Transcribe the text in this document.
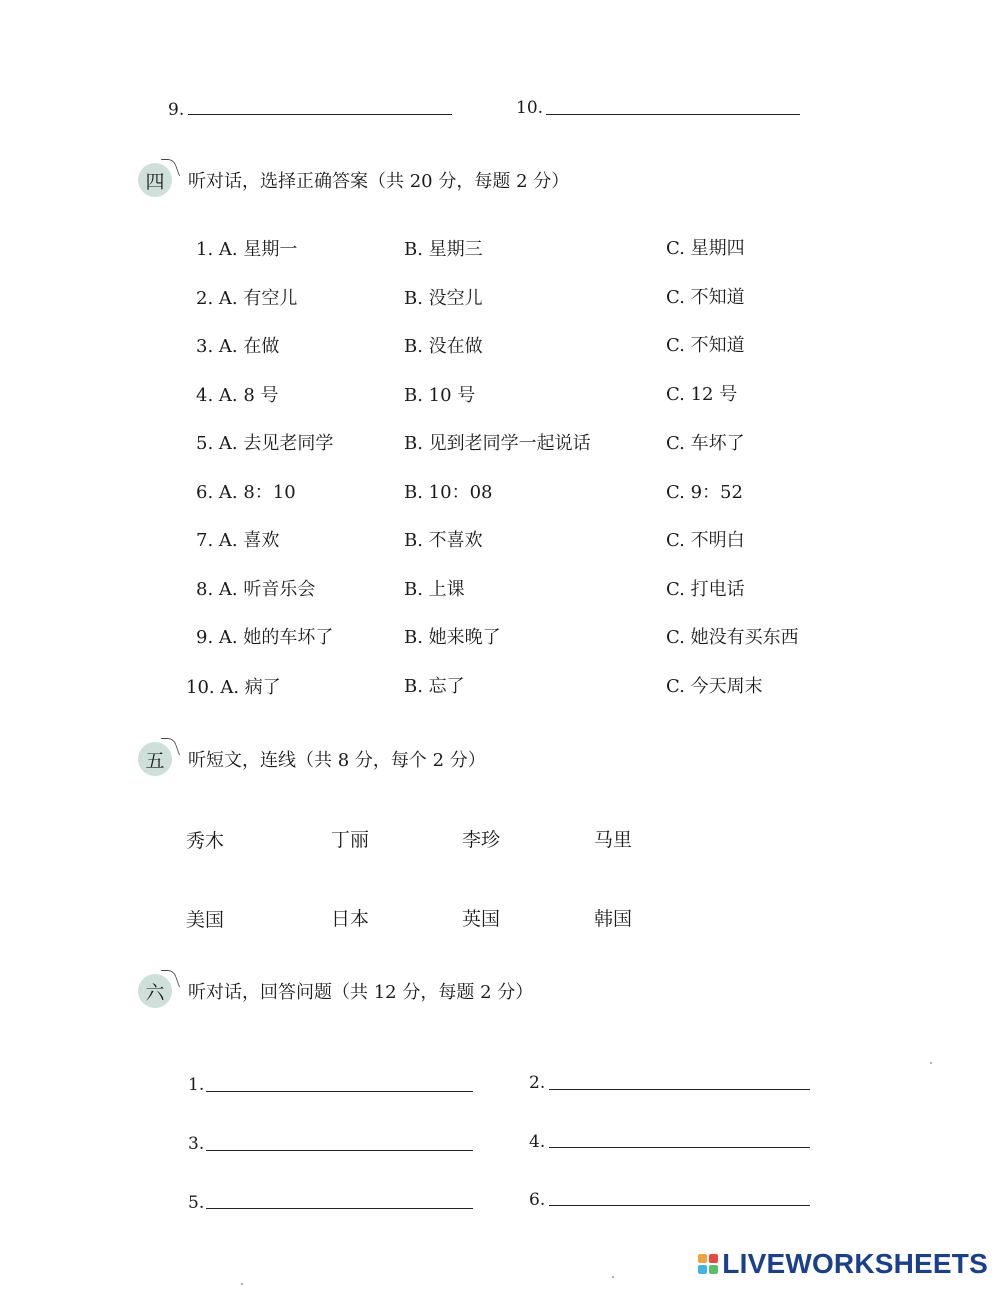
9.	10.
四	听对话，选择正确答案（共 20 分，每题 2 分）
1. A. 星期一	B. 星期三	C. 星期四
2. A. 有空儿	B. 没空儿	C. 不知道
3. A. 在做	B. 没在做	C. 不知道
4. A. 8 号	B. 10 号	C. 12 号
5. A. 去见老同学	B. 见到老同学一起说话	C. 车坏了
6. A. 8：10	B. 10：08	C. 9：52
7. A. 喜欢	B. 不喜欢	C. 不明白
8. A. 听音乐会	B. 上课	C. 打电话
9. A. 她的车坏了	B. 她来晚了	C. 她没有买东西
10. A. 病了	B. 忘了	C. 今天周末
五	听短文，连线（共 8 分，每个 2 分）
秀木	丁丽	李珍	马里
美国	日本	英国	韩国
六	听对话，回答问题（共 12 分，每题 2 分）
1.	2.
3.	4.
5.	6.
LIVEWORKSHEETS
